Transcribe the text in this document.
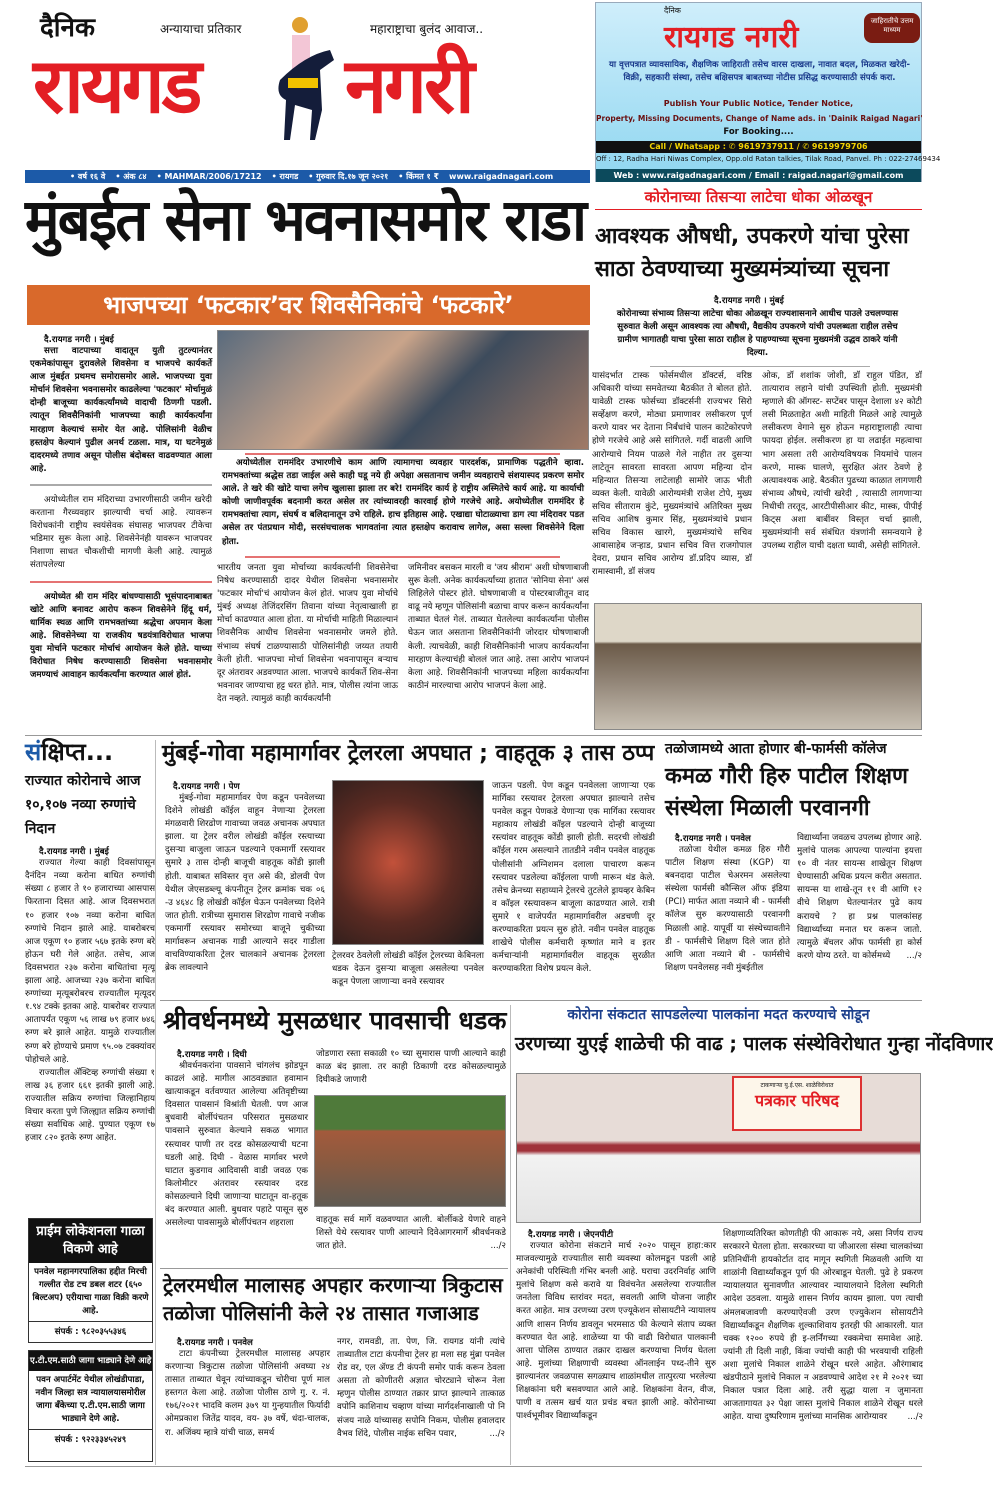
दैनिक	अन्यायाचा प्रतिकार	महाराष्ट्राचा बुलंद आवाज..
रायगड	नगरी
• वर्ष १६ वे • अंक ८४ • MAHMAR/2006/17212 • रायगड • गुरुवार दि.१७ जून २०२१ • किंमत १ ₹ www.raigadnagari.com
दैनिक
रायगड नगरी	जाहिरातीचे उत्तम माध्यम
या वृत्तपत्रात व्यावसायिक, शैक्षणिक जाहिराती तसेच वारस दाखला, नावात बदल, मिळकत खरेदी-विक्री, सहकारी संस्था, तसेच बक्षिसपत्र बाबतच्या नोटीस प्रसिद्ध करण्यासाठी संपर्क करा.
Publish Your Public Notice, Tender Notice,
Property, Missing Documents, Change of Name ads. in 'Dainik Raigad Nagari'
For Booking....
Call / Whatsapp : ✆ 9619737911 / ✆ 9619979706
Off : 12, Radha Hari Niwas Complex, Opp.old Ratan talkies, Tilak Road, Panvel. Ph : 022-27469434
Web : www.raigadnagari.com / Email : raigad.nagari@gmail.com
मुंबईत सेना भवनासमोर राडा
भाजपच्या ‘फटकार’वर शिवसैनिकांचे ‘फटकारे’
दै.रायगड नगरी । मुंबई

सत्ता वाटपाच्या वादातून युती तुटल्यानंतर एकमेकांपासून दुरावलेले शिवसेना व भाजपचे कार्यकर्ते आज मुंबईत प्रथमच समोरासमोर आले. भाजपच्या युवा मोर्चानं शिवसेना भवनासमोर काढलेल्या 'फटकार' मोर्चामुळं दोन्ही बाजूच्या कार्यकर्त्यांमध्ये वादाची ठिणगी पडली. त्यातून शिवसैनिकांनी भाजपच्या काही कार्यकर्त्यांना मारहाण केल्याचं समोर येत आहे. पोलिसांनी वेळीच हस्तक्षेप केल्यानं पुढील अनर्थ टळला. मात्र, या घटनेमुळं दादरमध्ये तणाव असून पोलीस बंदोबस्त वाढवण्यात आला आहे.

अयोध्येतील राम मंदिराच्या उभारणीसाठी जमीन खरेदी करताना गैरव्यवहार झाल्याची चर्चा आहे. त्यावरून विरोधकांनी राष्ट्रीय स्वयंसेवक संघासह भाजपवर टीकेचा भडिमार सुरू केला आहे. शिवसेनेनंही यावरून भाजपवर निशाणा साधत चौकशीची मागणी केली आहे. त्यामुळं संतापलेल्या

अयोध्येत श्री राम मंदिर बांधण्यासाठी भूसंपादनाबाबत खोटे आणि बनावट आरोप करून शिवसेनेने हिंदू धर्म, धार्मिक स्थळ आणि रामभक्तांच्या श्रद्धेचा अपमान केला आहे. शिवसेनेच्या या राजकीय षडयंत्राविरोधात भाजपा युवा मोर्चाने फटकार मोर्चाचं आयोजन केले होते. याच्या विरोधात निषेध करण्यासाठी शिवसेना भवनासमोर जमण्याचं आवाहन कार्यकर्त्यांना करण्यात आलं होतं.

अयोध्येतील राममंदिर उभारणीचे काम आणि त्यामागचा व्यवहार पारदर्शक, प्रामाणिक पद्धतीने व्हावा. रामभक्तांच्या श्रद्धेस तडा जाईल असे काही घडू नये ही अपेक्षा असतानाच जमीन व्यवहाराचे संशयास्पद प्रकरण समोर आले. ते खरे की खोटे याचा लगेच खुलासा झाला तर बरे! राममंदिर कार्य हे राष्ट्रीय अस्मितेचे कार्य आहे. या कार्याची कोणी जाणीवपूर्वक बदनामी करत असेल तर त्यांच्यावरही कारवाई होणे गरजेचे आहे. अयोध्येतील राममंदिर हे रामभक्तांचा त्याग, संघर्ष व बलिदानातून उभे राहिले. हाच इतिहास आहे. एखाद्या घोटाळ्याचा डाग त्या मंदिरावर पडत असेल तर पंतप्रधान मोदी, सरसंघचालक भागवतांना त्यात हस्तक्षेप करावाच लागेल, असा सल्ला शिवसेनेने दिला होता.

भारतीय जनता युवा मोर्चाच्या कार्यकर्त्यांनी शिवसेनेचा निषेध करण्यासाठी दादर येथील शिवसेना भवनासमोर 'फटकार मोर्चा'चं आयोजन केलं होतं. भाजप युवा मोर्चाचे मुंबई अध्यक्ष तेजिंदरसिंग तिवाना यांच्या नेतृत्वाखाली हा मोर्चा काढण्यात आला होता. या मोर्चाची माहिती मिळाल्यानं शिवसैनिक आधीच शिवसेना भवनासमोर जमले होते. संभाव्य संघर्ष टाळण्यासाठी पोलिसांनीही जय्यत तयारी केली होती. भाजपचा मोर्चा शिवसेना भवनापासून बऱ्याच दूर अंतरावर अडवण्यात आला. भाजपचे कार्यकर्ते शिव-सेना भवनावर जाण्याचा हट्ट धरत होते. मात्र, पोलीस त्यांना जाऊ देत नव्हते. त्यामुळं काही कार्यकर्त्यांनी
जमिनीवर बसकन मारली व 'जय श्रीराम' अशी घोषणाबाजी सुरू केली. अनेक कार्यकर्त्यांच्या हातात 'सोनिया सेना' असं लिहिलेले पोस्टर होते. घोषणाबाजी व पोस्टरबाजीतून वाद वाढू नये म्हणून पोलिसांनी बळाचा वापर करून कार्यकर्त्यांना ताब्यात घेतलं गेलं. ताब्यात घेतलेल्या कार्यकर्त्यांना पोलीस घेऊन जात असताना शिवसैनिकांनी जोरदार घोषणाबाजी केली. त्याचवेळी, काही शिवसैनिकांनी भाजप कार्यकर्त्यांना मारहाण केल्याचंही बोललं जात आहे. तसा आरोप भाजपनं केला आहे. शिवसैनिकांनी भाजपच्या महिला कार्यकर्त्यांना काठीनं मारल्याचा आरोप भाजपनं केला आहे.
कोरोनाच्या तिसऱ्या लाटेचा धोका ओळखून
आवश्यक औषधी, उपकरणे यांचा पुरेसा
साठा ठेवण्याच्या मुख्यमंत्र्यांच्या सूचना
दै.रायगड नगरी । मुंबई
कोरोनाच्या संभाव्य तिसऱ्या लाटेचा धोका ओळखून राज्यशासनाने आधीच पाउले उचलण्यास सुरुवात केली असून आवश्यक त्या औषधी, वैद्यकीय उपकरणे यांची उपलब्धता राहील तसेच ग्रामीण भागातही याचा पुरेसा साठा राहील हे पाहण्याच्या सूचना मुख्यमंत्री उद्धव ठाकरे यांनी दिल्या.
यासंदर्भात टास्क फोर्समधील डॉक्टर्स, वरिष्ठ अधिकारी यांच्या समवेतच्या बैठकीत ते बोलत होते. यावेळी टास्क फोर्सच्या डॉक्टर्सनी राज्यभर सिरो सर्व्हेक्षण करणे, मोठ्या प्रमाणावर लसीकरण पूर्ण करणे यावर भर देताना निर्बंधांचे पालन काटेकोरपणे होणे गरजेचे आहे असे सांगितले. गर्दी वाढली आणि आरोग्याचे नियम पाळले गेले नाहीत तर दुसऱ्या लाटेतून सावरता सावरता आपण महिन्या दोन महिन्यात तिसऱ्या लाटेलाही सामोरे जाऊ भीती व्यक्त केली. यावेळी आरोग्यमंत्री राजेश टोपे, मुख्य सचिव सीताराम कुंटे, मुख्यमंत्र्यांचे अतिरिक्त मुख्य सचिव आशिष कुमार सिंह, मुख्यमंत्र्यांचे प्रधान सचिव विकास खारगे, मुख्यमंत्र्यांचे सचिव आबासाहेब जऱ्हाड, प्रधान सचिव वित्त राजगोपाल देवरा, प्रधान सचिव आरोग्य डॉ.प्रदिप व्यास, डॉ रामास्वामी, डॉ संजय
ओक, डॉ शशांक जोशी, डॉ राहुल पंडित, डॉ तात्याराव लहाने यांची उपस्थिती होती. मुख्यमंत्री म्हणाले की ऑगस्ट- सप्टेंबर पासून देशाला ४२ कोटी लसी मिळताहेत अशी माहिती मिळले आहे त्यामुळे लसीकरण वेगाने सुरु होऊन महाराष्ट्रालाही त्याचा फायदा होईल. लसीकरण हा या लढाईत महत्वाचा भाग असला तरी आरोग्यविषयक नियमांचे पालन करणे, मास्क घालणे, सुरक्षित अंतर ठेवणे हे अत्यावश्यक आहे. बैठकीत पुढच्या काळात लागणारी संभाव्य औषधे, त्यांची खरेदी , त्यासाठी लागणाऱ्या निधीची तरतूद, आरटीपीसीआर कीट, मास्क, पीपीई किट्स अशा बाबींवर विस्तृत चर्चा झाली, मुख्यमंत्र्यांनी सर्व संबंधित यंत्रणांनी समन्वयाने हे उपलब्ध राहील याची दक्षता घ्यावी, असेही सांगितले.
संक्षिप्त...
राज्यात कोरोनाचे आज १०,१०७ नव्या रुग्णांचे निदान
दै.रायगड नगरी । मुंबई

राज्यात गेल्या काही दिवसांपासून दैनंदिन नव्या करोना बाधित रुग्णांची संख्या ८ हजार ते १० हजाराच्या आसपास फिरताना दिसत आहे. आज दिवसभरात १० हजार १०७ नव्या करोना बाधित रुग्णांचे निदान झाले आहे. याबरोबरच आज एकूण १० हजार ५६७ इतके रुग्ण बरे होऊन घरी गेले आहेत. तसेच, आज दिवसभरात २३७ करोना बाधितांचा मृत्यू झाला आहे. आजच्या २३७ करोना बाधित रुग्णांच्या मृत्यूबरोबरच राज्यातील मृत्यूदर १.९४ टक्के इतका आहे. याबरोबर राज्यात आतापर्यंत एकूण ५६ लाख ७९ हजार ७४६ रुग्ण बरे झाले आहेत. यामुळे राज्यातील रुग्ण बरे होण्याचे प्रमाण ९५.०७ टक्क्यांवर पोहोचले आहे.

राज्यातील ॲक्टिव्ह रुग्णांची संख्या १ लाख ३६ हजार ६६१ इतकी झाली आहे. राज्यातील सक्रिय रुग्णांचा जिल्हानिहाय विचार करता पुणे जिल्ह्यात सक्रिय रुग्णांची संख्या सर्वाधिक आहे. पुण्यात एकूण १७ हजार ८२० इतके रुग्ण आहेत.

प्राईम लोकेशनला गाळा विकणे आहे
पनवेल महानगरपालिका हद्दीत मिरची गल्लीत रोड टच डबल शटर (६५० बिल्टअप) एरीयाचा गाळा विक्री करणे आहे.
संपर्क : ९८२०३५५३४६
ए.टी.एम.साठी जागा भाड्याने देणे आहे
पवन अपार्टमेंट येथील लोखंडीपाडा, नवीन जिल्हा सत्र न्यायालयासमोरील जागा बँकेच्या ए.टी.एम.साठी जागा भाड्याने देणे आहे.
संपर्क : ९२२३३४५२४९
मुंबई-गोवा महामार्गावर ट्रेलरला अपघात ; वाहतूक ३ तास ठप्प
दै.रायगड नगरी । पेण

मुंबई-गोवा महामार्गावर पेण कडून पनवेलच्या दिशेने लोखंडी कॉईल वाहून नेणाऱ्या ट्रेलरला मंगळवारी शिरढोण गावाच्या जवळ अचानक अपघात झाला. या ट्रेलर वरील लोखंडी कॉईल रस्त्याच्या दुसऱ्या बाजुला जाऊन पडल्याने एकमार्गी रस्त्यावर सुमारे ३ तास दोन्ही बाजूची वाहतूक कोंडी झाली होती. याबाबत सविस्तर वृत्त असे की, डोलवी पेण येथील जेएसडब्ल्यू कंपनीतून ट्रेलर क्रमांक चक ०६ -उ ४६४८ हि लोखंडी कॉईल घेऊन पनवेलच्या दिशेने जात होती. रात्रीच्या सुमारास शिरढोण गावाचे नजीक एकमार्गी रस्त्यावर समोरच्या बाजूने चुकीच्या मार्गावरून अचानक गाडी आल्याने सदर गाडीला वाचविण्याकरिता ट्रेलर चालकाने अचानक ट्रेलरला ब्रेक लावल्याने

ट्रेलरवर ठेवलेली लोखंडी कॉईल ट्रेलरच्या केबिनला धडक देऊन दुसऱ्या बाजूला असलेल्या पनवेल कडून पेणला जाणाऱ्या वनवे रस्त्यावर
जाऊन पडली. पेण कडून पनवेलला जाणाऱ्या एक मार्गिका रस्त्यावर ट्रेलरला अपघात झाल्याने तसेच पनवेल कडून पेणकडे येणाऱ्या एक मार्गिका रस्त्यावर महाकाय लोखंडी कॉइल पडल्याने दोन्ही बाजूच्या रस्त्यांवर वाहतूक कोंडी झाली होती. सदरची लोखंडी कॉईल गरम असल्याने तातडीने नवीन पनवेल वाहतूक पोलीसांनी अग्निशमन दलाला पाचारण करून रस्त्यावर पडलेल्या कॉईलला पाणी मारून थंड केले. तसेच क्रेनच्या सहाय्याने ट्रेलरचे तुटलेले ड्रायव्हर केबिन व कॉइल रस्त्यावरून बाजूला काढण्यात आले. रात्री सुमारे १ वाजेपर्यंत महामार्गावरील अडचणी दूर करण्याकरिता प्रयत्न सुरु होते. नवीन पनवेल वाहतूक शाखेचे पोलीस कर्मचारी कृष्णांत माने व इतर कर्मचाऱ्यांनी महामार्गावरील वाहतूक सुरळीत करण्याकरिता विशेष प्रयत्न केले.
तळोजामध्ये आता होणार बी-फार्मसी कॉलेज
कमळ गौरी हिरु पाटील शिक्षण
संस्थेला मिळाली परवानगी
दै.रायगड नगरी । पनवेल

तळोजा येथील कमळ हिरु गौरी पाटील शिक्षण संस्था (KGP) या बबनदादा पाटील चेअरमन असलेल्या संस्थेला फार्मसी कौन्सिल ऑफ इंडिया (PCI) मार्फत आता नव्याने बी - फार्मसी कॉलेज सुरु करण्यासाठी परवानगी मिळाली आहे. यापूर्वी या संस्थेच्यावतीने डी - फार्मसीचे शिक्षण दिले जात होते आणि आता नव्याने बी - फार्मसीचे शिक्षण पनवेलसह नवी मुंबईतील

विद्यार्थ्यांना जवळच उपलब्ध होणार आहे. मुलांचे पालक आपल्या पाल्यांना इयत्ता १० वी नंतर सायन्स शाखेतून शिक्षण घेण्यासाठी अधिक प्रयत्न करीत असतात. सायन्स या शाखे-तून ११ वी आणि १२ वीचे शिक्षण घेतल्यानंतर पुढे काय करायचे ? हा प्रश्न पालकांसह विद्यार्थ्यांच्या मनात घर करून जातो. त्यामुळे बॅचलर ऑफ फार्मसी हा कोर्स करणे योग्य ठरते. या कोर्समध्ये .../२
श्रीवर्धनमध्ये मुसळधार पावसाची धडक
दै.रायगड नगरी । दिघी

श्रीवर्धनकरांना पावसाने चांगलंच झोडपून काढलं आहे. मागील आठवड्यात हवामान खात्याकडून वर्तवण्यात आलेल्या अतिवृष्टीच्या दिवसात पावसानं विश्रांती घेतली. पण आज बुधवारी बोर्लीपंचतन परिसरात मुसळधार पावसाने सुरुवात केल्याने सकळ भागात रस्त्यावर पाणी तर दरड कोसळल्याची घटना घडली आहे. दिघी - वेळास मार्गावर भरणे घाटात कुडगाव आदिवासी वाडी जवळ एक किलोमीटर अंतरावर रस्त्यावर दरड कोसळल्याने दिघी जाणाऱ्या घाटातून वा-हतूक बंद करण्यात आली. बुधवार पहाटे पासून सुरु असलेल्या पावसामुळे बोर्लीपंचतन शहराला

जोडणारा रस्ता सकाळी १० च्या सुमारास पाणी आल्याने काही काळ बंद झाला. तर काही ठिकाणी दरड कोसळल्यामुळे दिघीकडे जाणारी
वाहतूक सर्व मार्गे वळवण्यात आली. बोर्लीकडे येणारे वाहने शिस्ते येथे रस्त्यावर पाणी आल्याने दिवेआगरमार्गे श्रीवर्धनकडे जात होते.	.../२
ट्रेलरमधील मालासह अपहार करणाऱ्या त्रिकुटास
तळोजा पोलिसांनी केले २४ तासात गजाआड
दै.रायगड नगरी । पनवेल

टाटा कंपनीच्या ट्रेलरमधील मालासह अपहार करणाऱ्या त्रिकुटास तळोजा पोलिसांनी अवघ्या २४ तासात ताब्यात घेवून त्यांच्याकडून चोरीचा पूर्ण माल हस्तगत केला आहे. तळोजा पोलीस ठाणे गु. र. नं. १७६/२०२१ भादवि कलम ३७९ या गुन्हयातील फिर्यादी ओमप्रकाश जितेंद्र यादव, वय- ३७ वर्षे, धंदा-चालक, रा. अजिंक्य म्हात्रे यांची चाळ, समर्थ

नगर, रामवडी, ता. पेण, जि. रायगड यांनी त्यांचे ताब्यातील टाटा कंपनीचा ट्रेलर हा मला सह मुंब्रा पनवेल रोड वर, एल ॲण्ड टी कंपनी समोर पार्क करून ठेवला असता तो कोणीतरी अज्ञात चोरट्याने चोरून नेला म्हणुन पोलीस ठाण्यात तक्रार प्राप्त झाल्याने तात्काळ वपोनि काशिनाथ चव्हाण यांच्या मार्गदर्शनाखाली पो नि संजय नाळे यांच्यासह सपोनि निकम, पोलीस हवालदार वैभव शिंदे, पोलीस नाईक सचिन पवार,	.../२
कोरोना संकटात सापडलेल्या पालकांना मदत करण्याचे सोडून
उरणच्या युएई शाळेची फी वाढ ; पालक संस्थेविरोधात गुन्हा नोंदविणार
टाकणाऱ्या यु.ई.एस. शाळेविरोधात
पत्रकार परिषद
दै.रायगड नगरी । जेएनपीटी

राज्यात कोरोना संकटाने मार्च २०२० पासून हाहा:कार माजवल्यामुळे राज्यातील सारी व्यवस्था कोलमडून पडली आहे अनेकांची परिस्थिती गंभिर बनली आहे. घराचा उदरनिर्वाह आणि मुलांचे शिक्षण कसे करावे या विवंचनेत असलेल्या राज्यातील जनतेला विविध स्तरांवर मदत, सवलती आणि योजना जाहीर करत आहेत. मात्र उरणच्या उरण एज्यूकेशन सोसायटीने न्यायालय आणि शासन निर्णय डावलून भरमसाठ फी केल्याने संताप व्यक्त करण्यात येत आहे. शाळेच्या या फी वाढी विरोधात पालकानी आत्ता पोलिस ठाण्यात तक्रार दाखल करण्याचा निर्णय घेतला आहे. मुलांच्या शिक्षणाची व्यवस्था ऑनलाईन पध्द-तीने सुरु झाल्यानंतर जवळपास सगळ्याच शाळांमधील तात्पुरत्या भरलेल्या शिक्षकांना घरी बसवण्यात आले आहे. शिक्षकांना वेतन, वीज, पाणी व तत्सम खर्च यात प्रचंड बचत झाली आहे. कोरोनाच्या पार्श्वभूमीवर विद्यार्थ्यांकडून

शिक्षणाव्यतिरिक्त कोणतीही फी आकारू नये, असा निर्णय राज्य सरकारने घेतला होता. सरकारच्या या जीआरला संस्था चालकांच्या प्रतिनिधींनी हायकोर्टात दाद मागून स्थगिती मिळवली आणि या शाळांनी विद्यार्थ्यांकडून पूर्ण फी ओरबाडून घेतली. पुढे हे प्रकरण न्यायालयात सुनावणीत आल्यावर न्यायालयाने दिलेला स्थगिती आदेश उठवला. यामुळे शासन निर्णय कायम झाला. पण त्याची अंमलबजावणी करण्याऐवजी उरण एज्युकेशन सोसायटीने विद्यार्थ्यांकडून शैक्षणिक शुल्काशिवाय इतरही फी आकारली. यात चक्क १२०० रुपये ही इ-लर्निंगच्या रक्कमेचा समावेश आहे. ज्यांनी ती दिली नाही, किंवा ज्यांची काही फी भरवयाची राहिली अशा मुलांचे निकाल शाळेने रोखून धरले आहेत. औरंगाबाद खंडपीठाने मुलांचे निकाल न अडवण्याचे आदेश २१ मे २०२१ च्या निकाल पत्रात दिला आहे. तरी सुद्धा याला न जुमानता आजतागायत ३२ पेक्षा जास्त मुलांचे निकाल शाळेने रोखून धरले आहेत. याचा दुष्परिणाम मुलांच्या मानसिक आरोग्यावर .../२
